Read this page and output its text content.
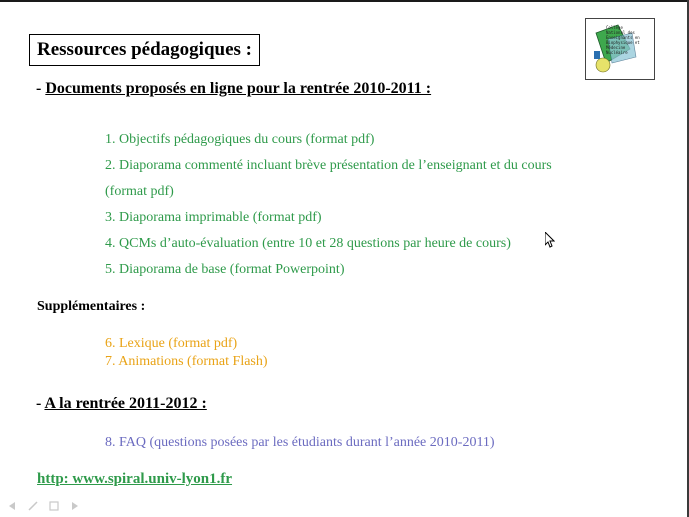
Ressources pédagogiques :
Collège
National des
Enseignants en
Biophysique et
Médecine
Nucléaire
- Documents proposés en ligne pour la rentrée 2010-2011 :
1. Objectifs pédagogiques du cours (format pdf)
2. Diaporama commenté incluant brève présentation de l’enseignant et du cours
(format pdf)
3. Diaporama imprimable (format pdf)
4. QCMs d’auto-évaluation (entre 10 et 28 questions par heure de cours)
5. Diaporama de base (format Powerpoint)
Supplémentaires :
6. Lexique (format pdf)
7. Animations (format Flash)
- A la rentrée 2011-2012 :
8. FAQ (questions posées par les étudiants durant l’année 2010-2011)
http: www.spiral.univ-lyon1.fr
